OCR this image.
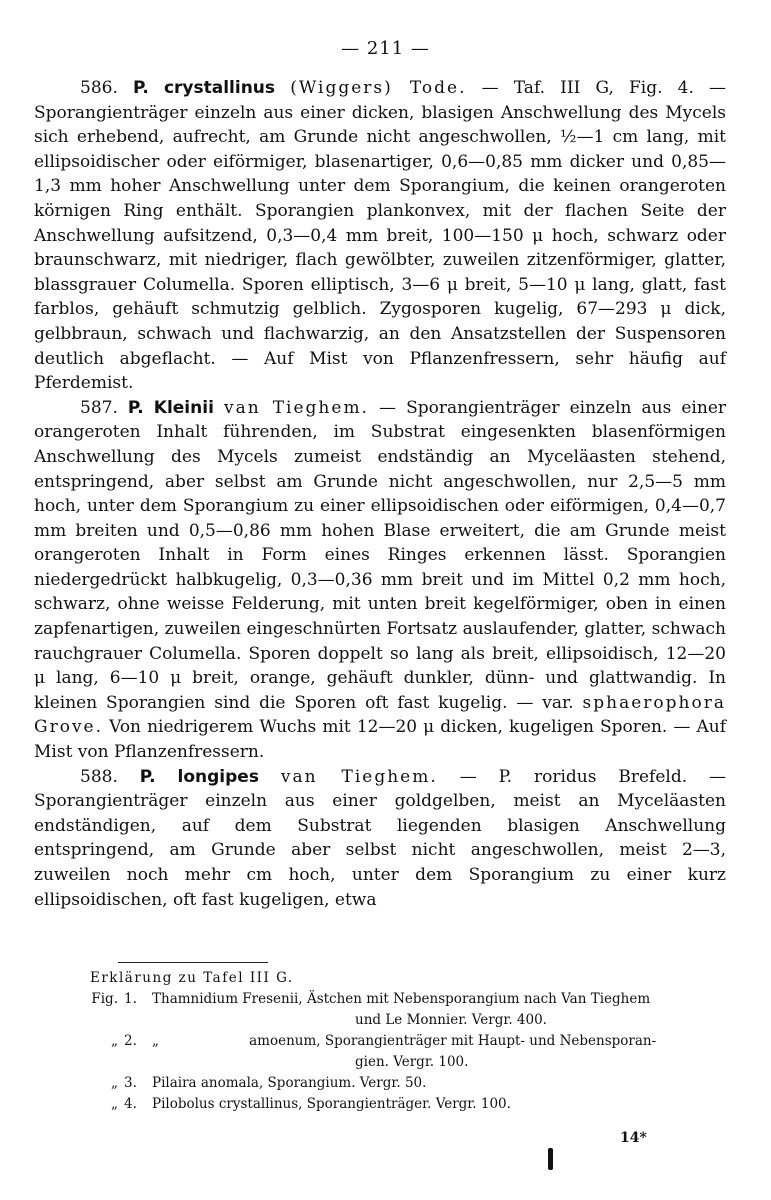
— 211 —

586. P. crystallinus (Wiggers) Tode. — Taf. III G, Fig. 4. — Sporangienträger einzeln aus einer dicken, blasigen Anschwellung des Mycels sich erhebend, aufrecht, am Grunde nicht angeschwollen, ½—1 cm lang, mit ellipsoidischer oder eiförmiger, blasenartiger, 0,6—0,85 mm dicker und 0,85—1,3 mm hoher Anschwellung unter dem Sporangium, die keinen orangeroten körnigen Ring enthält. Sporangien plankonvex, mit der flachen Seite der Anschwellung aufsitzend, 0,3—0,4 mm breit, 100—150 μ hoch, schwarz oder braunschwarz, mit niedriger, flach gewölbter, zuweilen zitzenförmiger, glatter, blassgrauer Columella. Sporen elliptisch, 3—6 μ breit, 5—10 μ lang, glatt, fast farblos, gehäuft schmutzig gelblich. Zygosporen kugelig, 67—293 μ dick, gelbbraun, schwach und flachwarzig, an den Ansatzstellen der Suspensoren deutlich abgeflacht. — Auf Mist von Pflanzenfressern, sehr häufig auf Pferdemist.

587. P. Kleinii van Tieghem. — Sporangienträger einzeln aus einer orangeroten Inhalt führenden, im Substrat eingesenkten blasenförmigen Anschwellung des Mycels zumeist endständig an Myceläasten stehend, entspringend, aber selbst am Grunde nicht angeschwollen, nur 2,5—5 mm hoch, unter dem Sporangium zu einer ellipsoidischen oder eiförmigen, 0,4—0,7 mm breiten und 0,5—0,86 mm hohen Blase erweitert, die am Grunde meist orangeroten Inhalt in Form eines Ringes erkennen lässt. Sporangien niedergedrückt halbkugelig, 0,3—0,36 mm breit und im Mittel 0,2 mm hoch, schwarz, ohne weisse Felderung, mit unten breit kegelförmiger, oben in einen zapfenartigen, zuweilen eingeschnürten Fortsatz auslaufender, glatter, schwach rauchgrauer Columella. Sporen doppelt so lang als breit, ellipsoidisch, 12—20 μ lang, 6—10 μ breit, orange, gehäuft dunkler, dünn- und glattwandig. In kleinen Sporangien sind die Sporen oft fast kugelig. — var. sphaerophora Grove. Von niedrigerem Wuchs mit 12—20 μ dicken, kugeligen Sporen. — Auf Mist von Pflanzenfressern.

588. P. longipes van Tieghem. — P. roridus Brefeld. — Sporangienträger einzeln aus einer goldgelben, meist an Myceläasten endständigen, auf dem Substrat liegenden blasigen Anschwellung entspringend, am Grunde aber selbst nicht angeschwollen, meist 2—3, zuweilen noch mehr cm hoch, unter dem Sporangium zu einer kurz ellipsoidischen, oft fast kugeligen, etwa

Erklärung zu Tafel III G.
Fig. 1.	Thamnidium Fresenii, Ästchen mit Nebensporangium nach Van Tieghem
und Le Monnier. Vergr. 400.
„ 2.	„                     amoenum, Sporangienträger mit Haupt- und Nebensporan-
gien. Vergr. 100.
„ 3.	Pilaira anomala, Sporangium. Vergr. 50.
„ 4.	Pilobolus crystallinus, Sporangienträger. Vergr. 100.
14*
